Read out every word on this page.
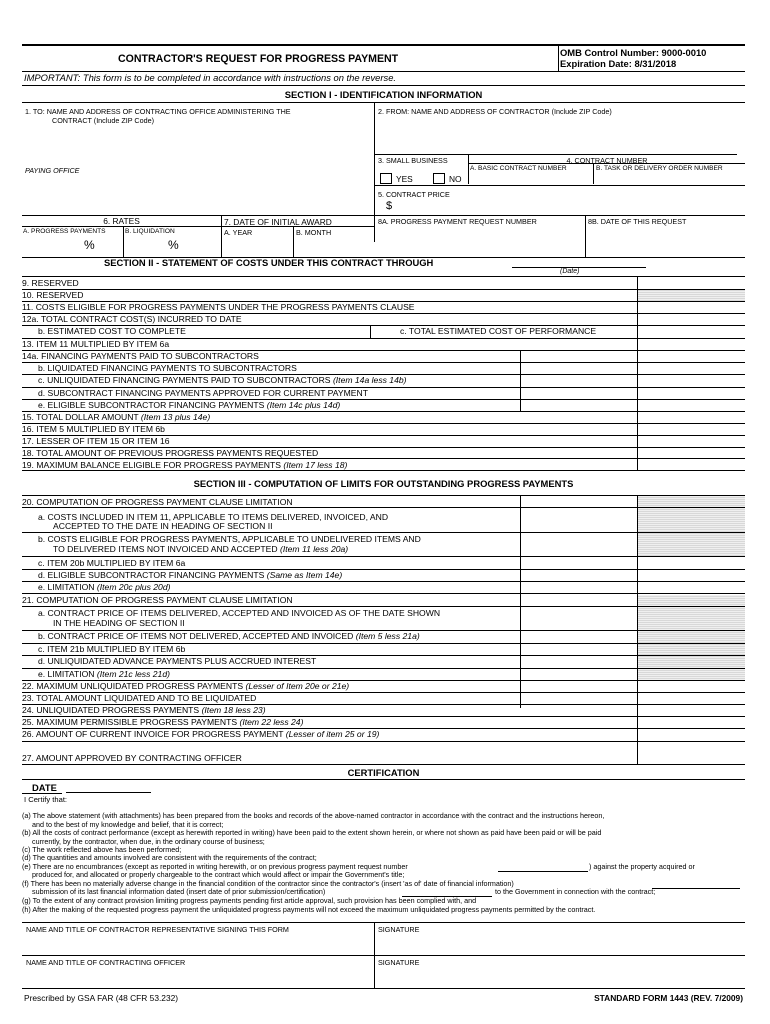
CONTRACTOR'S REQUEST FOR PROGRESS PAYMENT
OMB Control Number: 9000-0010
Expiration Date: 8/31/2018
IMPORTANT: This form is to be completed in accordance with instructions on the reverse.
SECTION I - IDENTIFICATION INFORMATION
1. TO: NAME AND ADDRESS OF CONTRACTING OFFICE ADMINISTERING THE
CONTRACT (Include ZIP Code)
2. FROM: NAME AND ADDRESS OF CONTRACTOR (Include ZIP Code)
PAYING OFFICE
3. SMALL BUSINESS	4. CONTRACT NUMBER
A. BASIC CONTRACT NUMBER	B. TASK OR DELIVERY ORDER NUMBER
YES	NO
5. CONTRACT PRICE
$
6. RATES	7. DATE OF INITIAL AWARD	8A. PROGRESS PAYMENT REQUEST NUMBER	8B. DATE OF THIS REQUEST
A. PROGRESS PAYMENTS	B. LIQUIDATION	A. YEAR	B. MONTH
%	%
SECTION II - STATEMENT OF COSTS UNDER THIS CONTRACT THROUGH
(Date)
9. RESERVED
10. RESERVED
11. COSTS ELIGIBLE FOR PROGRESS PAYMENTS UNDER THE PROGRESS PAYMENTS CLAUSE
12a. TOTAL CONTRACT COST(S) INCURRED TO DATE
b. ESTIMATED COST TO COMPLETE	c. TOTAL ESTIMATED COST OF PERFORMANCE
13. ITEM 11 MULTIPLIED BY ITEM 6a
14a. FINANCING PAYMENTS PAID TO SUBCONTRACTORS
b. LIQUIDATED FINANCING PAYMENTS TO SUBCONTRACTORS
c. UNLIQUIDATED FINANCING PAYMENTS PAID TO SUBCONTRACTORS (Item 14a less 14b)
d. SUBCONTRACT FINANCING PAYMENTS APPROVED FOR CURRENT PAYMENT
e. ELIGIBLE SUBCONTRACTOR FINANCING PAYMENTS (Item 14c plus 14d)
15. TOTAL DOLLAR AMOUNT (Item 13 plus 14e)
16. ITEM 5 MULTIPLIED BY ITEM 6b
17. LESSER OF ITEM 15 OR ITEM 16
18. TOTAL AMOUNT OF PREVIOUS PROGRESS PAYMENTS REQUESTED
19. MAXIMUM BALANCE ELIGIBLE FOR PROGRESS PAYMENTS (Item 17 less 18)
SECTION III - COMPUTATION OF LIMITS FOR OUTSTANDING PROGRESS PAYMENTS
20. COMPUTATION OF PROGRESS PAYMENT CLAUSE LIMITATION
a. COSTS INCLUDED IN ITEM 11, APPLICABLE TO ITEMS DELIVERED, INVOICED, AND
ACCEPTED TO THE DATE IN HEADING OF SECTION II
b. COSTS ELIGIBLE FOR PROGRESS PAYMENTS, APPLICABLE TO UNDELIVERED ITEMS AND
TO DELIVERED ITEMS NOT INVOICED AND ACCEPTED (Item 11 less 20a)
c. ITEM 20b MULTIPLIED BY ITEM 6a
d. ELIGIBLE SUBCONTRACTOR FINANCING PAYMENTS (Same as Item 14e)
e. LIMITATION (Item 20c plus 20d)
21. COMPUTATION OF PROGRESS PAYMENT CLAUSE LIMITATION
a. CONTRACT PRICE OF ITEMS DELIVERED, ACCEPTED AND INVOICED AS OF THE DATE SHOWN
IN THE HEADING OF SECTION II
b. CONTRACT PRICE OF ITEMS NOT DELIVERED, ACCEPTED AND INVOICED (Item 5 less 21a)
c. ITEM 21b MULTIPLIED BY ITEM 6b
d. UNLIQUIDATED ADVANCE PAYMENTS PLUS ACCRUED INTEREST
e. LIMITATION (Item 21c less 21d)
22. MAXIMUM UNLIQUIDATED PROGRESS PAYMENTS (Lesser of Item 20e or 21e)
23. TOTAL AMOUNT LIQUIDATED AND TO BE LIQUIDATED
24. UNLIQUIDATED PROGRESS PAYMENTS (Item 18 less 23)
25. MAXIMUM PERMISSIBLE PROGRESS PAYMENTS (Item 22 less 24)
26. AMOUNT OF CURRENT INVOICE FOR PROGRESS PAYMENT (Lesser of item 25 or 19)
27. AMOUNT APPROVED BY CONTRACTING OFFICER
CERTIFICATION
DATE
I Certify that:
(a) The above statement (with attachments) has been prepared from the books and records of the above-named contractor in accordance with the contract and the instructions hereon,
and to the best of my knowledge and belief, that it is correct;
(b) All the costs of contract performance (except as herewith reported in writing) have been paid to the extent shown herein, or where not shown as paid have been paid or will be paid
currently, by the contractor, when due, in the ordinary course of business;
(c) The work reflected above has been performed;
(d) The quantities and amounts involved are consistent with the requirements of the contract;
(e) There are no encumbrances (except as reported in writing herewith, or on previous progress payment request number	) against the property acquired or
produced for, and allocated or properly chargeable to the contract which would affect or impair the Government's title;
(f) There has been no materially adverse change in the financial condition of the contractor since the contractor's (insert 'as of' date of financial information)
submission of its last financial information dated (insert date of prior submission/certification)	to the Government in connection with the contract;
(g) To the extent of any contract provision limiting progress payments pending first article approval, such provision has been complied with, and
(h) After the making of the requested progress payment the unliquidated progress payments will not exceed the maximum unliquidated progress payments permitted by the contract.
NAME AND TITLE OF CONTRACTOR REPRESENTATIVE SIGNING THIS FORM	SIGNATURE
NAME AND TITLE OF CONTRACTING OFFICER	SIGNATURE
Prescribed by GSA FAR (48 CFR 53.232)	STANDARD FORM 1443 (REV. 7/2009)
